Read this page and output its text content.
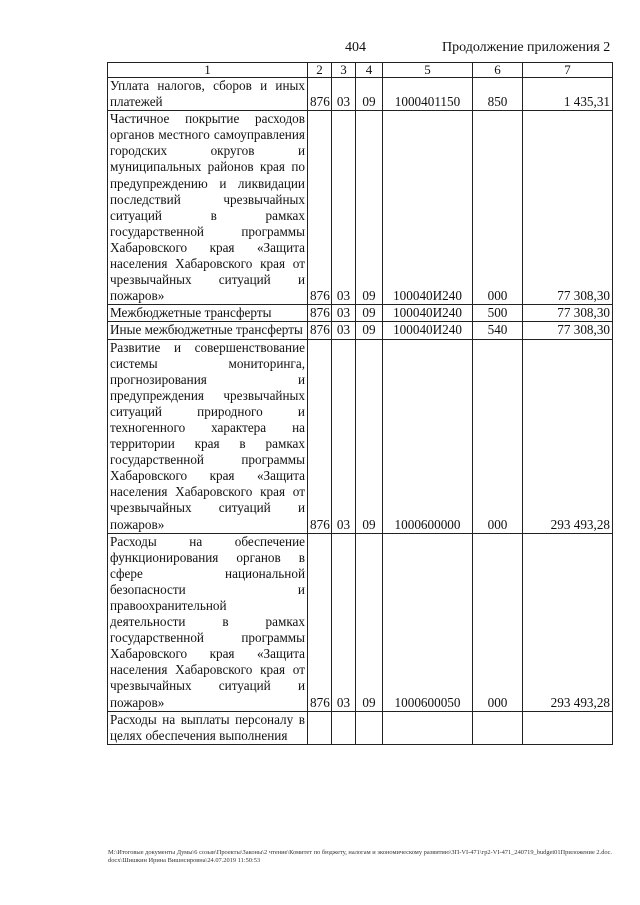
404	Продолжение приложения 2
1	2	3	4	5	6	7
Уплата налогов, сборов и иных платежей	876	03	09	1000401150	850	1 435,31
Частичное покрытие расходов органов местного самоуправления городских округов и муниципальных районов края по предупреждению и ликвидации последствий чрезвычайных ситуаций в рамках государственной программы Хабаровского края «Защита населения Хабаровского края от чрезвычайных ситуаций и пожаров»	876	03	09	100040И240	000	77 308,30
Межбюджетные трансферты	876	03	09	100040И240	500	77 308,30
Иные межбюджетные трансферты	876	03	09	100040И240	540	77 308,30
Развитие и совершенствование системы мониторинга, прогнозирования и предупреждения чрезвычайных ситуаций природного и техногенного характера на территории края в рамках государственной программы Хабаровского края «Защита населения Хабаровского края от чрезвычайных ситуаций и пожаров»	876	03	09	1000600000	000	293 493,28
Расходы на обеспечение функционирования органов в сфере национальной безопасности и правоохранительной деятельности в рамках государственной программы Хабаровского края «Защита населения Хабаровского края от чрезвычайных ситуаций и пожаров»	876	03	09	1000600050	000	293 493,28
Расходы на выплаты персоналу в целях обеспечения выполнения						
M:\Итоговые документы Думы\6 созыв\Проекты\Законы\2 чтение\Комитет по бюджету, налогам и экономическому развитию\ЗП-VI-471\гр2-VI-471_240719_budget01Приложение 2.doc.docx\Шишкин Ирина Вишнсировна\24.07.2019 11:50:53
